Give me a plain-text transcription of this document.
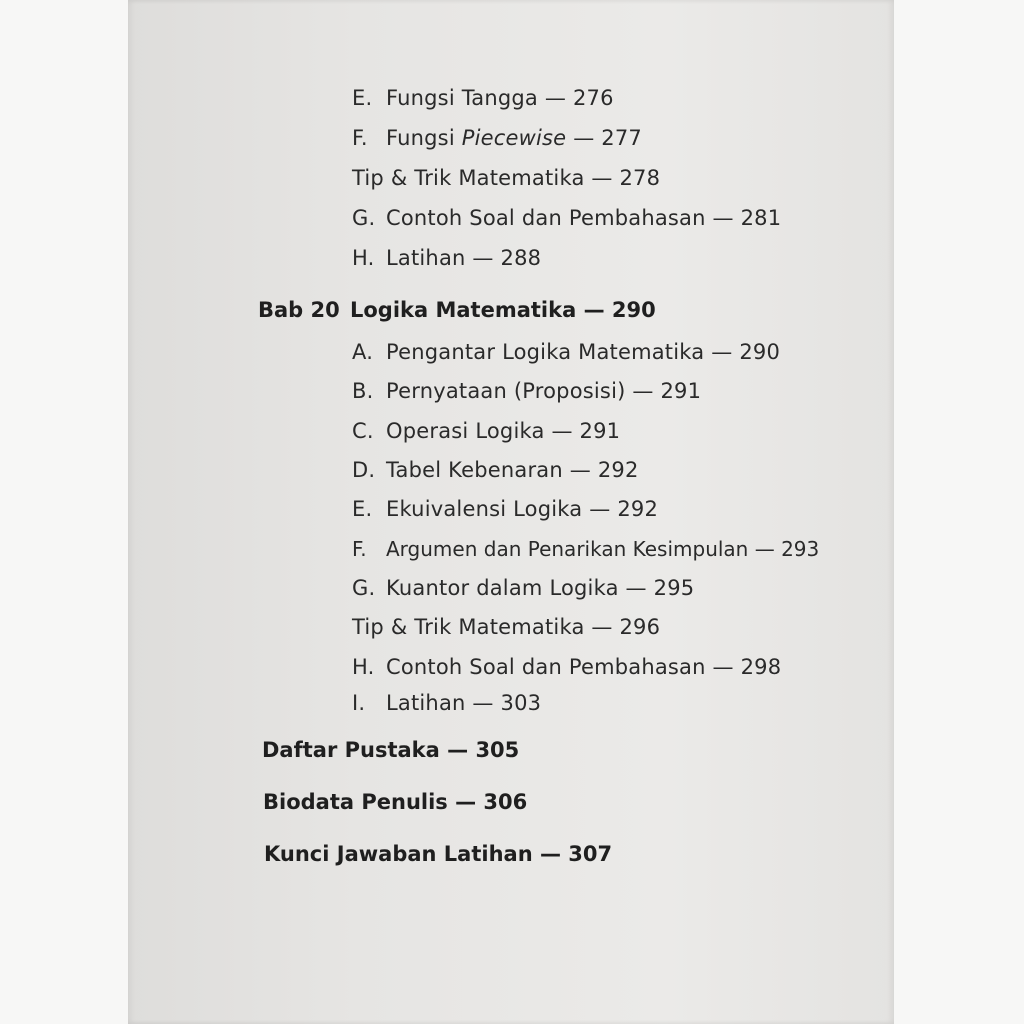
E. Fungsi Tangga — 276
F. Fungsi Piecewise — 277
Tip & Trik Matematika — 278
G. Contoh Soal dan Pembahasan — 281
H. Latihan — 288
Bab 20 Logika Matematika — 290
A. Pengantar Logika Matematika — 290
B. Pernyataan (Proposisi) — 291
C. Operasi Logika — 291
D. Tabel Kebenaran — 292
E. Ekuivalensi Logika — 292
F. Argumen dan Penarikan Kesimpulan — 293
G. Kuantor dalam Logika — 295
Tip & Trik Matematika — 296
H. Contoh Soal dan Pembahasan — 298
I. Latihan — 303
Daftar Pustaka — 305
Biodata Penulis — 306
Kunci Jawaban Latihan — 307
